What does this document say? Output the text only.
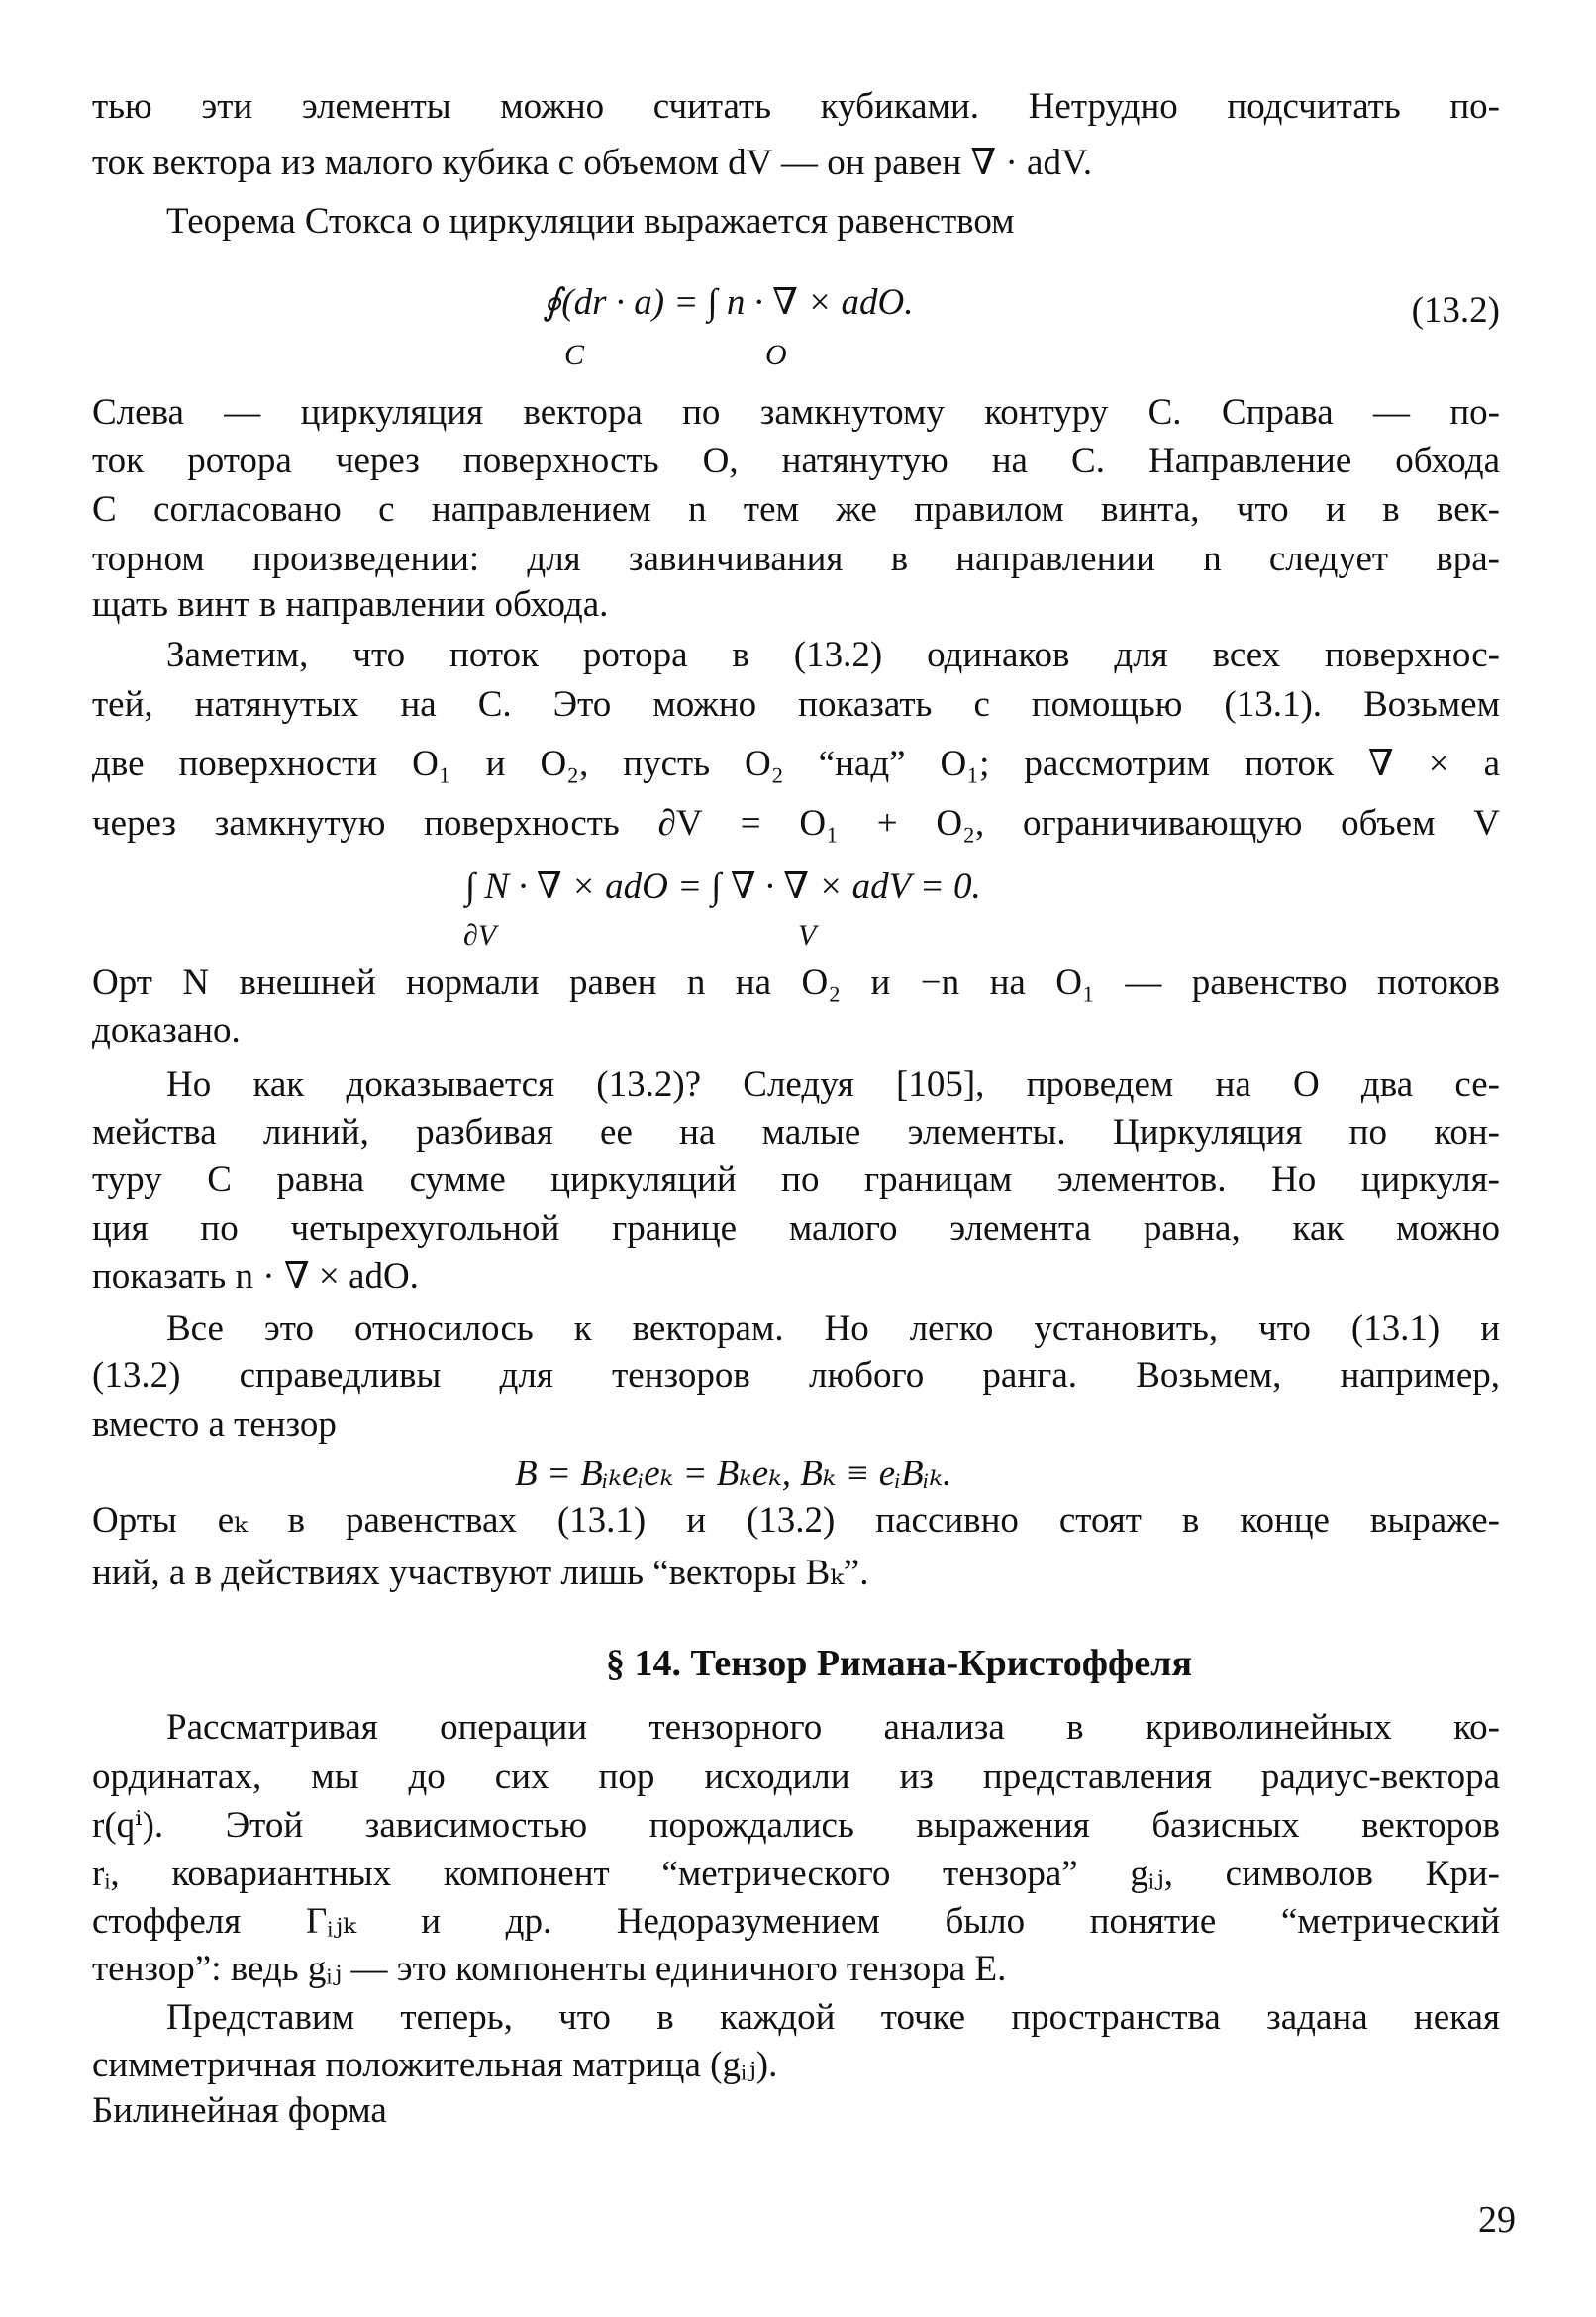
тью эти элементы можно считать кубиками. Нетрудно подсчитать по-
ток вектора из малого кубика с объемом dV — он равен ∇ · adV.
Теорема Стокса о циркуляции выражается равенством
∮(dr · a) = ∫ n · ∇ × adO.	(13.2)
C	O
Слева — циркуляция вектора по замкнутому контуру C. Справа — по-
ток ротора через поверхность O, натянутую на C. Направление обхода
C согласовано с направлением n тем же правилом винта, что и в век-
торном произведении: для завинчивания в направлении n следует вра-
щать винт в направлении обхода.
Заметим, что поток ротора в (13.2) одинаков для всех поверхнос-
тей, натянутых на C. Это можно показать с помощью (13.1). Возьмем
две поверхности O₁ и O₂, пусть O₂ “над” O₁; рассмотрим поток ∇ × a
через замкнутую поверхность ∂V = O₁ + O₂, ограничивающую объем V
∫ N · ∇ × adO = ∫ ∇ · ∇ × adV = 0.
∂V	V
Орт N внешней нормали равен n на O₂ и −n на O₁ — равенство потоков
доказано.
Но как доказывается (13.2)? Следуя [105], проведем на O два се-
мейства линий, разбивая ее на малые элементы. Циркуляция по кон-
туру C равна сумме циркуляций по границам элементов. Но циркуля-
ция по четырехугольной границе малого элемента равна, как можно
показать n · ∇ × adO.
Все это относилось к векторам. Но легко установить, что (13.1) и
(13.2) справедливы для тензоров любого ранга. Возьмем, например,
вместо a тензор
B = Bᵢₖeᵢeₖ = Bₖeₖ, Bₖ ≡ eᵢBᵢₖ.
Орты eₖ в равенствах (13.1) и (13.2) пассивно стоят в конце выраже-
ний, а в действиях участвуют лишь “векторы Bₖ”.
§ 14. Тензор Римана-Кристоффеля
Рассматривая операции тензорного анализа в криволинейных ко-
ординатах, мы до сих пор исходили из представления радиус-вектора
r(qⁱ). Этой зависимостью порождались выражения базисных векторов
rᵢ, ковариантных компонент “метрического тензора” gᵢⱼ, символов Кри-
стоффеля Γᵢⱼₖ и др. Недоразумением было понятие “метрический
тензор”: ведь gᵢⱼ — это компоненты единичного тензора E.
Представим теперь, что в каждой точке пространства задана некая
симметричная положительная матрица (gᵢⱼ).
Билинейная форма
29
